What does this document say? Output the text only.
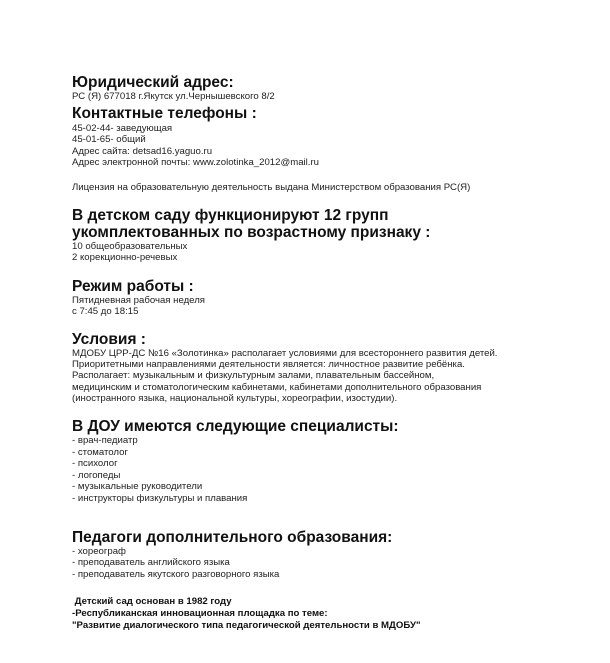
Юридический адрес:
РС (Я) 677018 г.Якутск ул.Чернышевского 8/2
Контактные телефоны :
45-02-44- заведующая
45-01-65- общий
Адрес сайта: detsad16.yaguo.ru
Адрес электронной почты: www.zolotinka_2012@mail.ru
Лицензия на образовательную деятельность выдана Министерством образования РС(Я)
В детском саду функционируют 12 групп
укомплектованных по возрастному признаку :
10 общеобразовательных
2 корекционно-речевых
Режим работы :
Пятидневная рабочая неделя
с 7:45 до 18:15
Условия :
МДОБУ ЦРР-ДС №16 «Золотинка» располагает условиями для всестороннего развития детей.
Приоритетными направлениями деятельности является: личностное развитие ребёнка.
Располагает: музыкальным и физкультурным залами, плавательным бассейном,
медицинским и стоматологическим кабинетами, кабинетами дополнительного образования
(иностранного языка, национальной культуры, хореографии, изостудии).
В ДОУ имеются следующие специалисты:
- врач-педиатр
- стоматолог
- психолог
- логопеды
- музыкальные руководители
- инструкторы физкультуры и плавания
Педагоги дополнительного образования:
- хореограф
- преподаватель английского языка
- преподаватель якутского разговорного языка
Детский сад основан в 1982 году
-Республиканская инновационная площадка по теме:
"Развитие диалогического типа педагогической деятельности в МДОБУ"
